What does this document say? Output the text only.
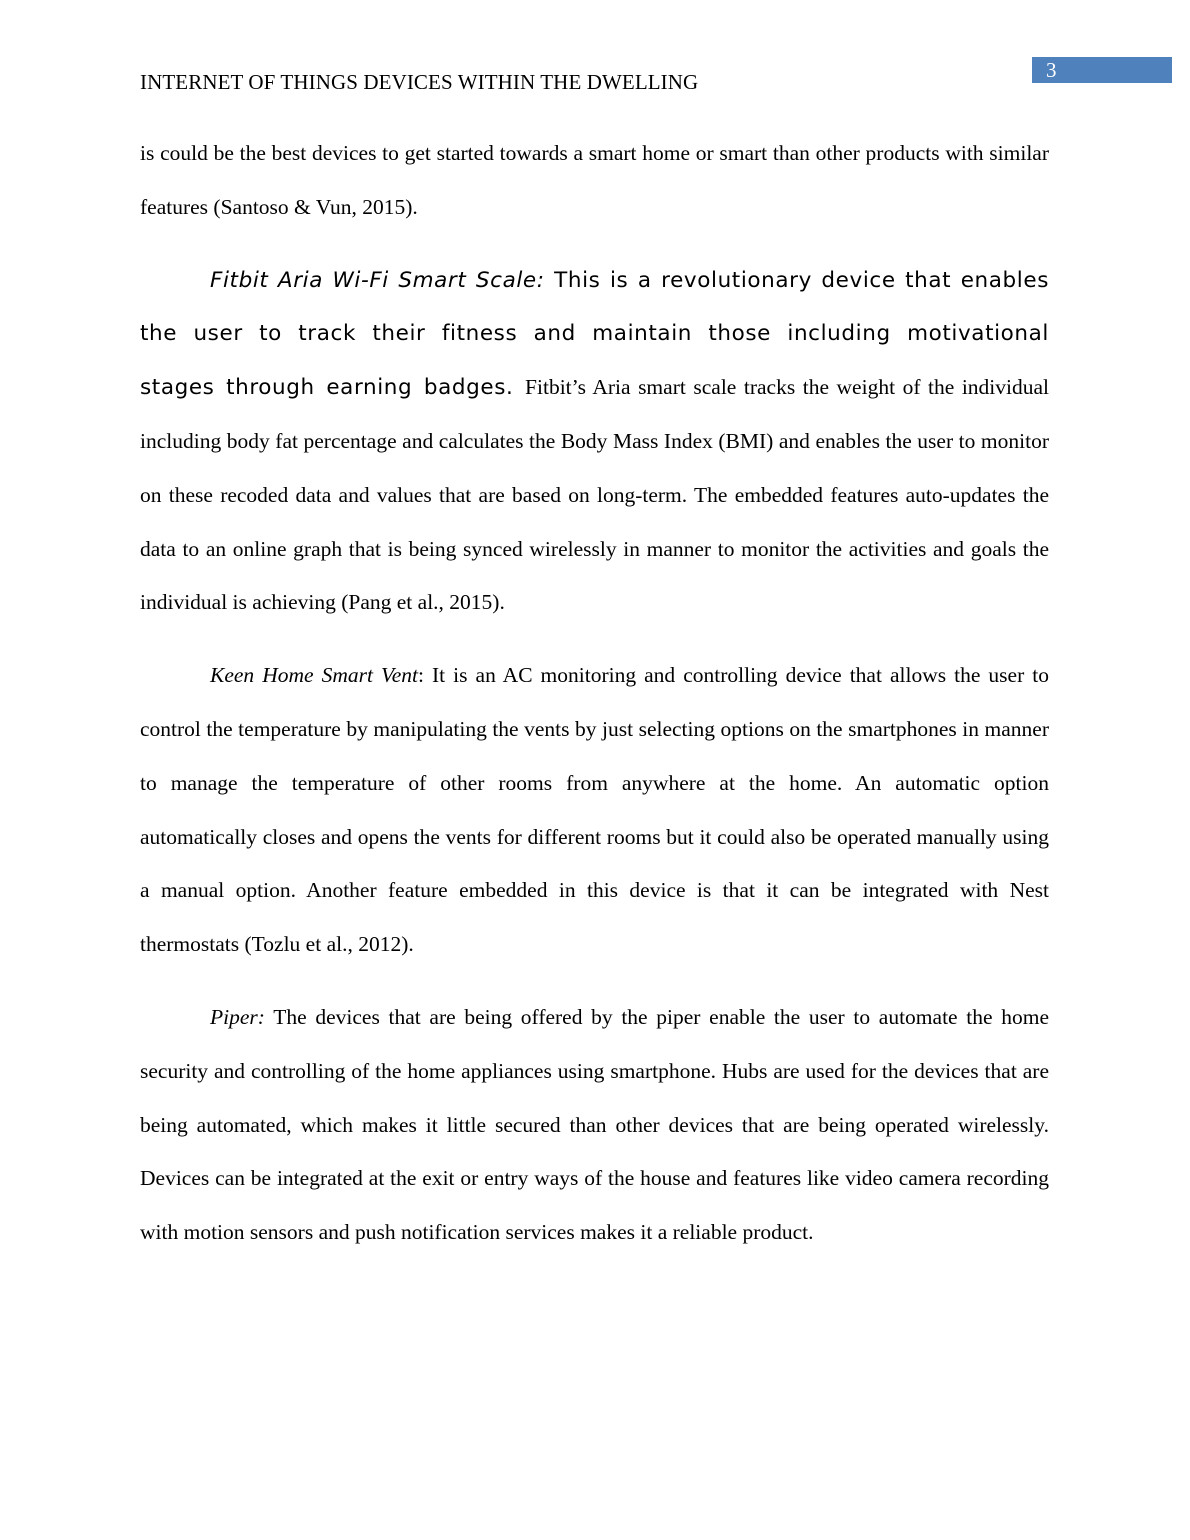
3
INTERNET OF THINGS DEVICES WITHIN THE DWELLING

is could be the best devices to get started towards a smart home or smart than other products with similar features (Santoso & Vun, 2015).

Fitbit Aria Wi-Fi Smart Scale: This is a revolutionary device that enables the user to track their fitness and maintain those including motivational stages through earning badges. Fitbit’s Aria smart scale tracks the weight of the individual including body fat percentage and calculates the Body Mass Index (BMI) and enables the user to monitor on these recoded data and values that are based on long-term. The embedded features auto-updates the data to an online graph that is being synced wirelessly in manner to monitor the activities and goals the individual is achieving (Pang et al., 2015).

Keen Home Smart Vent: It is an AC monitoring and controlling device that allows the user to control the temperature by manipulating the vents by just selecting options on the smartphones in manner to manage the temperature of other rooms from anywhere at the home. An automatic option automatically closes and opens the vents for different rooms but it could also be operated manually using a manual option. Another feature embedded in this device is that it can be integrated with Nest thermostats (Tozlu et al., 2012).

Piper: The devices that are being offered by the piper enable the user to automate the home security and controlling of the home appliances using smartphone. Hubs are used for the devices that are being automated, which makes it little secured than other devices that are being operated wirelessly. Devices can be integrated at the exit or entry ways of the house and features like video camera recording with motion sensors and push notification services makes it a reliable product.
